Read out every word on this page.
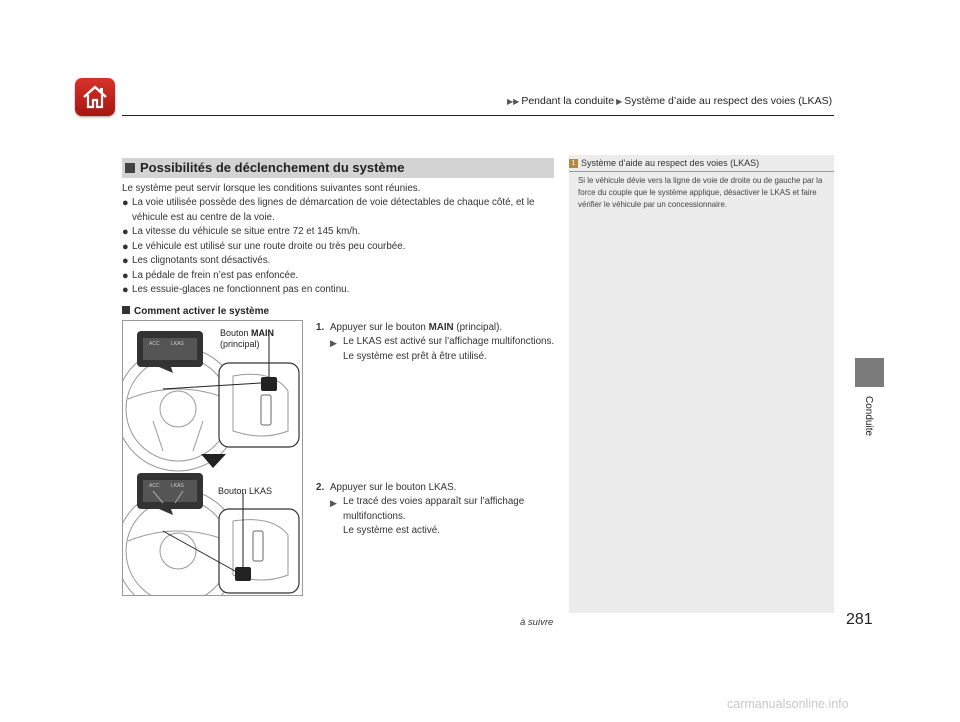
▶▶ Pendant la conduite ▶ Système d’aide au respect des voies (LKAS)
Conduite
Possibilités de déclenchement du système
Le système peut servir lorsque les conditions suivantes sont réunies.
● La voie utilisée possède des lignes de démarcation de voie détectables de chaque côté, et le véhicule est au centre de la voie.
● La vitesse du véhicule se situe entre 72 et 145 km/h.
● Le véhicule est utilisé sur une route droite ou très peu courbée.
● Les clignotants sont désactivés.
● La pédale de frein n’est pas enfoncée.
● Les essuie-glaces ne fonctionnent pas en continu.
Comment activer le système
ACC LKAS
ACC LKAS
Bouton MAIN
(principal)
Bouton LKAS
1. Appuyer sur le bouton MAIN (principal).
▶ Le LKAS est activé sur l’affichage multifonctions.
Le système est prêt à être utilisé.
2. Appuyer sur le bouton LKAS.
▶ Le tracé des voies apparaît sur l’affichage multifonctions.
Le système est activé.
1 Système d’aide au respect des voies (LKAS)
Si le véhicule dévie vers la ligne de voie de droite ou de gauche par la force du couple que le système applique, désactiver le LKAS et faire vérifier le véhicule par un concessionnaire.
à suivre	281
carmanualsonline.info
